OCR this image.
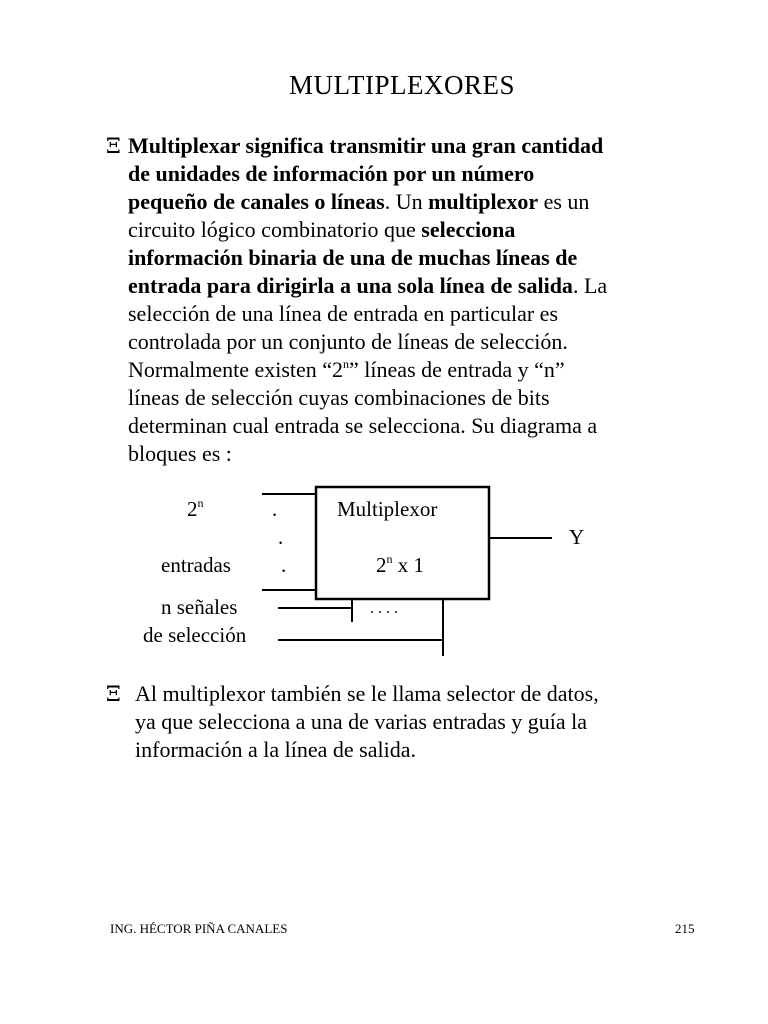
MULTIPLEXORES
Ξ Multiplexar significa transmitir una gran cantidad
de unidades de información por un número
pequeño de canales o líneas. Un multiplexor es un
circuito lógico combinatorio que selecciona
información binaria de una de muchas líneas de
entrada para dirigirla a una sola línea de salida. La
selección de una línea de entrada en particular es
controlada por un conjunto de líneas de selección.
Normalmente existen “2$^n$” líneas de entrada y “n”
líneas de selección cuyas combinaciones de bits
determinan cual entrada se selecciona. Su diagrama a
bloques es :
2$^n$	.
.
entradas .
Multiplexor
2$^n$ x 1
Y
n señales
de selección
. . . .
Ξ Al multiplexor también se le llama selector de datos,
ya que selecciona a una de varias entradas y guía la
información a la línea de salida.
ING. HÉCTOR PIÑA CANALES	215
